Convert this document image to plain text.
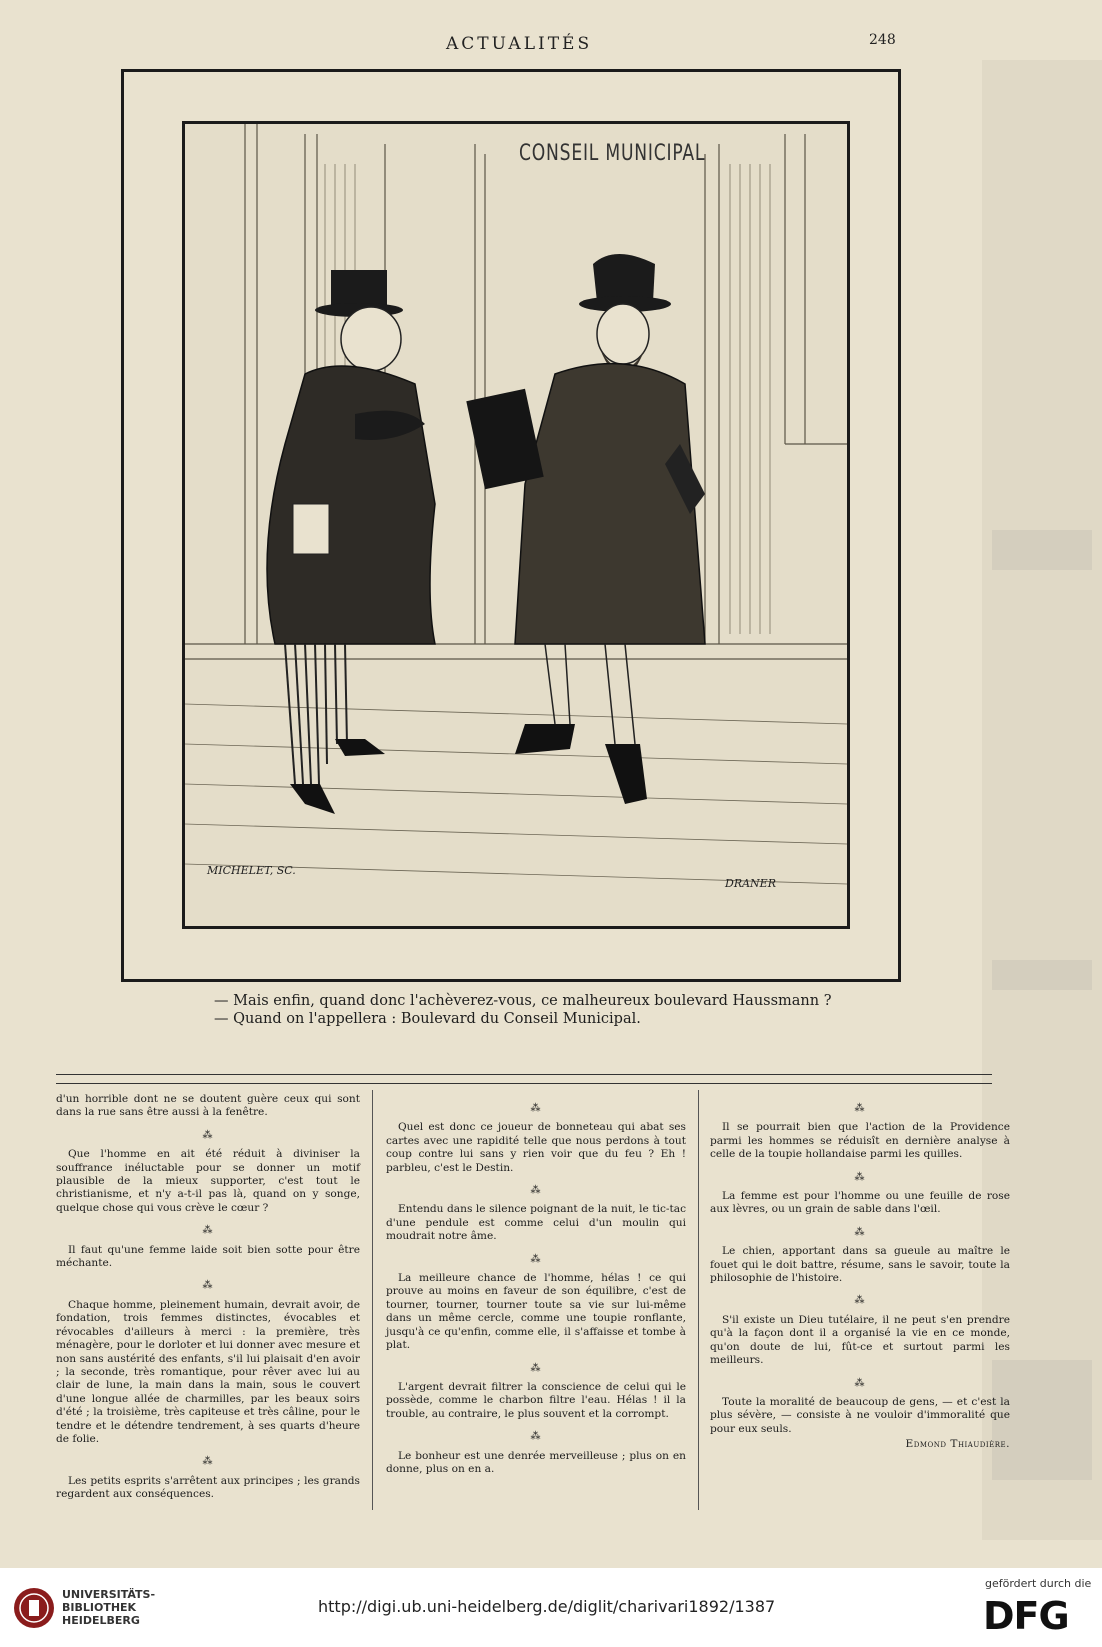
ACTUALITÉS	248
CONSEIL MUNICIPAL
MICHELET, SC.
DRANER
— Mais enfin, quand donc l'achèverez-vous, ce malheureux boulevard Haussmann ?
— Quand on l'appellera : Boulevard du Conseil Municipal.

d'un horrible dont ne se doutent guère ceux qui sont dans la rue sans être aussi à la fenêtre.

⁂

Que l'homme en ait été réduit à diviniser la souffrance inéluctable pour se donner un motif plausible de la mieux supporter, c'est tout le christianisme, et n'y a-t-il pas là, quand on y songe, quelque chose qui vous crève le cœur ?

⁂

Il faut qu'une femme laide soit bien sotte pour être méchante.

⁂

Chaque homme, pleinement humain, devrait avoir, de fondation, trois femmes distinctes, évocables et révocables d'ailleurs à merci : la première, très ménagère, pour le dorloter et lui donner avec mesure et non sans austérité des enfants, s'il lui plaisait d'en avoir ; la seconde, très romantique, pour rêver avec lui au clair de lune, la main dans la main, sous le couvert d'une longue allée de charmilles, par les beaux soirs d'été ; la troisième, très capiteuse et très câline, pour le tendre et le détendre tendrement, à ses quarts d'heure de folie.

⁂

Les petits esprits s'arrêtent aux principes ; les grands regardent aux conséquences.

⁂

Quel est donc ce joueur de bonneteau qui abat ses cartes avec une rapidité telle que nous perdons à tout coup contre lui sans y rien voir que du feu ? Eh ! parbleu, c'est le Destin.

⁂

Entendu dans le silence poignant de la nuit, le tic-tac d'une pendule est comme celui d'un moulin qui moudrait notre âme.

⁂

La meilleure chance de l'homme, hélas ! ce qui prouve au moins en faveur de son équilibre, c'est de tourner, tourner, tourner toute sa vie sur lui-même dans un même cercle, comme une toupie ronflante, jusqu'à ce qu'enfin, comme elle, il s'affaisse et tombe à plat.

⁂

L'argent devrait filtrer la conscience de celui qui le possède, comme le charbon filtre l'eau. Hélas ! il la trouble, au contraire, le plus souvent et la corrompt.

⁂

Le bonheur est une denrée merveilleuse ; plus on en donne, plus on en a.

⁂

Il se pourrait bien que l'action de la Providence parmi les hommes se réduisît en dernière analyse à celle de la toupie hollandaise parmi les quilles.

⁂

La femme est pour l'homme ou une feuille de rose aux lèvres, ou un grain de sable dans l'œil.

⁂

Le chien, apportant dans sa gueule au maître le fouet qui le doit battre, résume, sans le savoir, toute la philosophie de l'histoire.

⁂

S'il existe un Dieu tutélaire, il ne peut s'en prendre qu'à la façon dont il a organisé la vie en ce monde, qu'on doute de lui, fût-ce et surtout parmi les meilleurs.

⁂

Toute la moralité de beaucoup de gens, — et c'est la plus sévère, — consiste à ne vouloir d'immoralité que pour eux seuls.

Edmond Thiaudière.
UNIVERSITÄTS-
BIBLIOTHEK
HEIDELBERG
http://digi.ub.uni-heidelberg.de/diglit/charivari1892/1387
gefördert durch die
DFG
